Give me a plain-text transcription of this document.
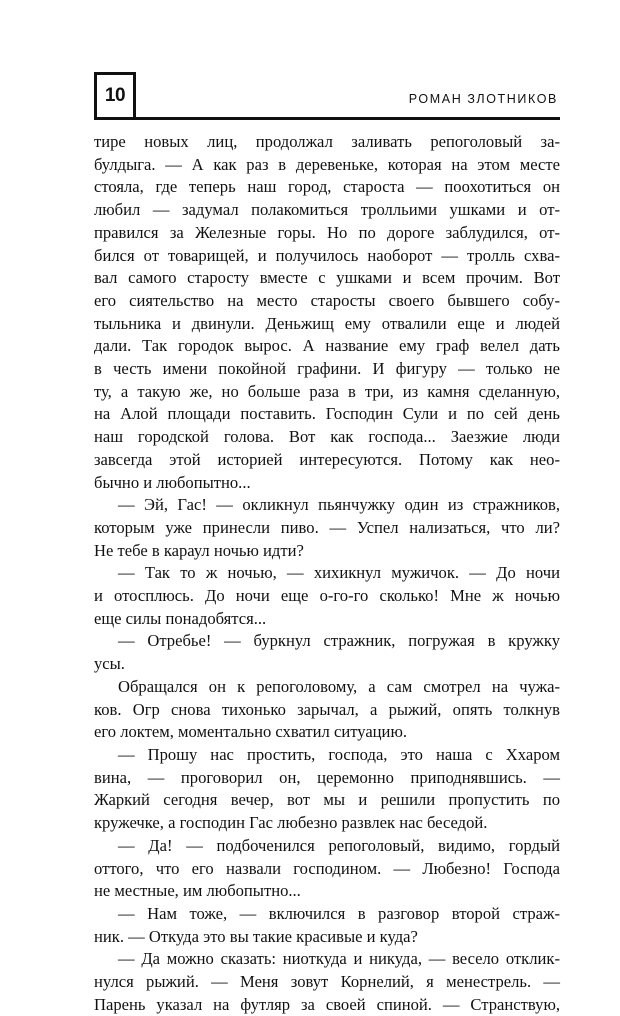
10	РОМАН ЗЛОТНИКОВ

тире новых лиц, продолжал заливать репоголовый за-

булдыга. — А как раз в деревеньке, которая на этом месте

стояла, где теперь наш город, староста — поохотиться он

любил — задумал полакомиться тролльими ушками и от-

правился за Железные горы. Но по дороге заблудился, от-

бился от товарищей, и получилось наоборот — тролль схва-

вал самого старосту вместе с ушками и всем прочим. Вот

его сиятельство на место старосты своего бывшего собу-

тыльника и двинули. Деньжищ ему отвалили еще и людей

дали. Так городок вырос. А название ему граф велел дать

в честь имени покойной графини. И фигуру — только не

ту, а такую же, но больше раза в три, из камня сделанную,

на Алой площади поставить. Господин Сули и по сей день

наш городской голова. Вот как господа... Заезжие люди

завсегда этой историей интересуются. Потому как нео-

бычно и любопытно...

— Эй, Гас! — окликнул пьянчужку один из стражников,

которым уже принесли пиво. — Успел нализаться, что ли?

Не тебе в караул ночью идти?

— Так то ж ночью, — хихикнул мужичок. — До ночи

и отосплюсь. До ночи еще о-го-го сколько! Мне ж ночью

еще силы понадобятся...

— Отребье! — буркнул стражник, погружая в кружку

усы.

Обращался он к репоголовому, а сам смотрел на чужа-

ков. Огр снова тихонько зарычал, а рыжий, опять толкнув

его локтем, моментально схватил ситуацию.

— Прошу нас простить, господа, это наша с Ххаром

вина, — проговорил он, церемонно приподнявшись. —

Жаркий сегодня вечер, вот мы и решили пропустить по

кружечке, а господин Гас любезно развлек нас беседой.

— Да! — подбоченился репоголовый, видимо, гордый

оттого, что его назвали господином. — Любезно! Господа

не местные, им любопытно...

— Нам тоже, — включился в разговор второй страж-

ник. — Откуда это вы такие красивые и куда?

— Да можно сказать: ниоткуда и никуда, — весело отклик-

нулся рыжий. — Меня зовут Корнелий, я менестрель. —

Парень указал на футляр за своей спиной. — Странствую,
